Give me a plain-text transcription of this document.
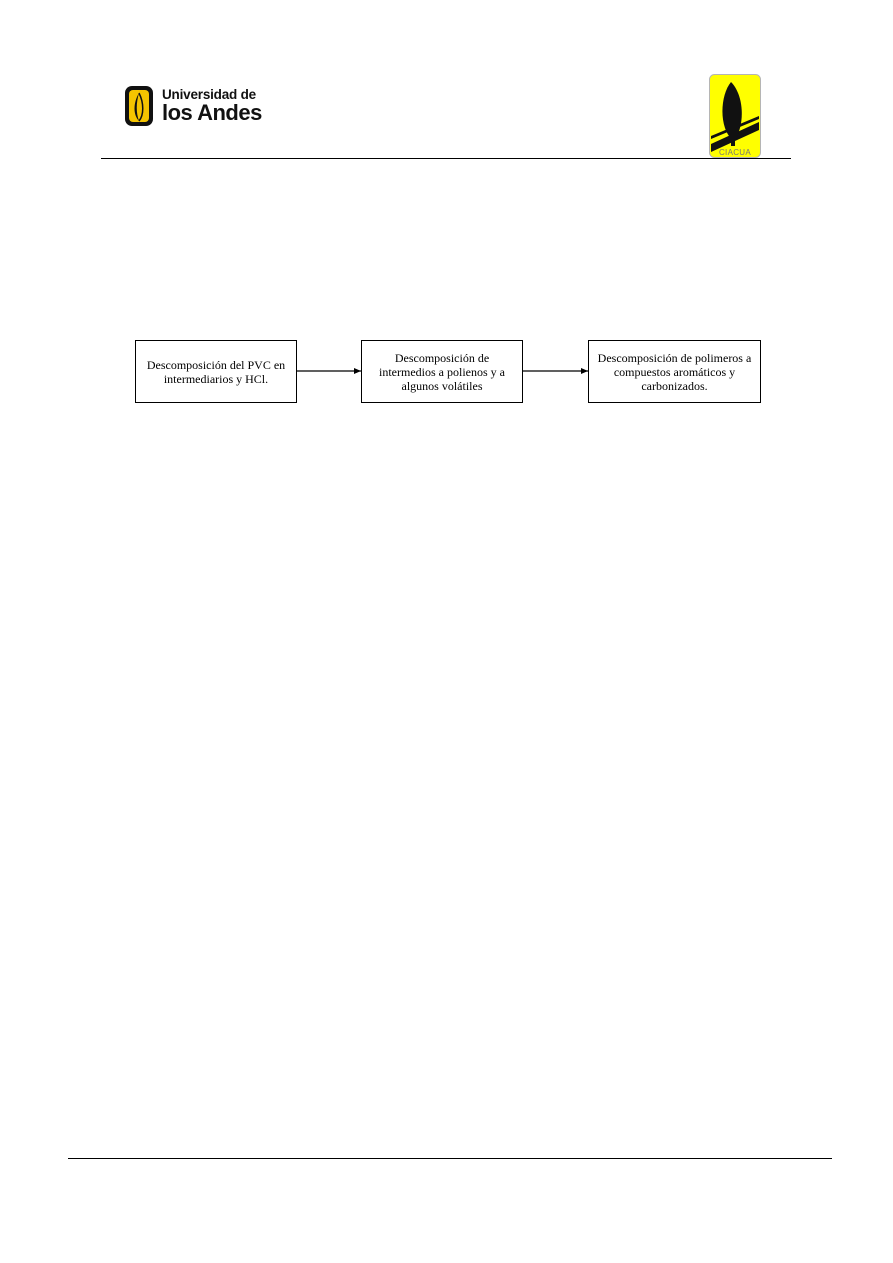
Universidad de
los Andes
CIACUA
Descomposición del PVC en intermediarios y HCl.
Descomposición de intermedios a polienos y a algunos volátiles
Descomposición de polimeros a compuestos aromáticos y carbonizados.
